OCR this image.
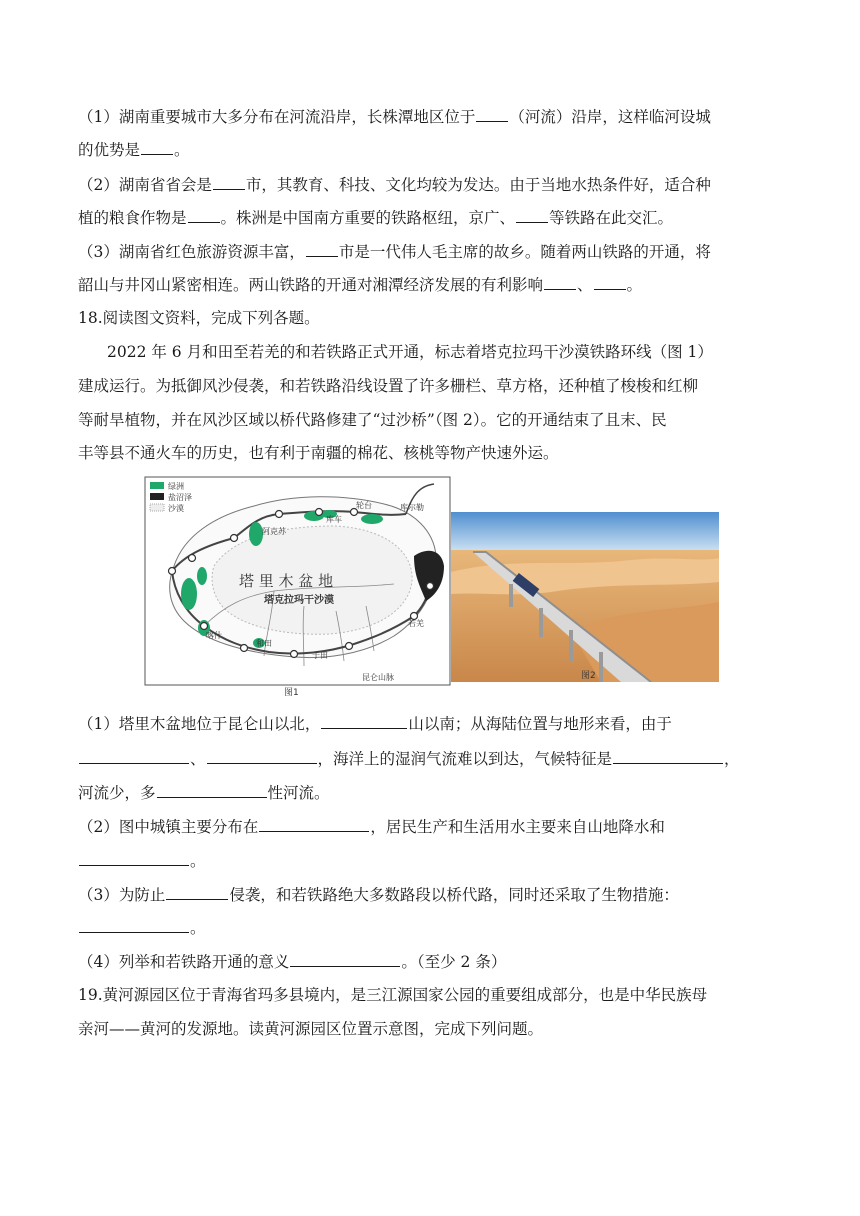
（1）湖南重要城市大多分布在河流沿岸，长株潭地区位于 （河流）沿岸，这样临河设城
的优势是 。
（2）湖南省省会是 市，其教育、科技、文化均较为发达。由于当地水热条件好，适合种
植的粮食作物是 。株洲是中国南方重要的铁路枢纽，京广、 等铁路在此交汇。
（3）湖南省红色旅游资源丰富， 市是一代伟人毛主席的故乡。随着两山铁路的开通，将
韶山与井冈山紧密相连。两山铁路的开通对湘潭经济发展的有利影响 、 。
18.阅读图文资料，完成下列各题。
2022 年 6 月和田至若羌的和若铁路正式开通，标志着塔克拉玛干沙漠铁路环线（图 1）
建成运行。为抵御风沙侵袭，和若铁路沿线设置了许多栅栏、草方格，还种植了梭梭和红柳
等耐旱植物，并在风沙区域以桥代路修建了“过沙桥”（图 2）。它的开通结束了且末、民
丰等县不通火车的历史，也有利于南疆的棉花、核桃等物产快速外运。
绿洲
盐沼泽
沙漠
塔 里 木 盆 地
塔克拉玛干沙漠
阿克苏
库车
轮台	库尔勒
若羌
和田
于田
喀什
昆仑山脉
图1
图2
（1）塔里木盆地位于昆仑山以北，	山以南；从海陆位置与地形来看，由于
、	，海洋上的湿润气流难以到达，气候特征是	，
河流少，多	性河流。
（2）图中城镇主要分布在	，居民生产和生活用水主要来自山地降水和
。
（3）为防止	侵袭，和若铁路绝大多数路段以桥代路，同时还采取了生物措施：
。
（4）列举和若铁路开通的意义	。（至少 2 条）
19.黄河源园区位于青海省玛多县境内，是三江源国家公园的重要组成部分，也是中华民族母
亲河——黄河的发源地。读黄河源园区位置示意图，完成下列问题。
